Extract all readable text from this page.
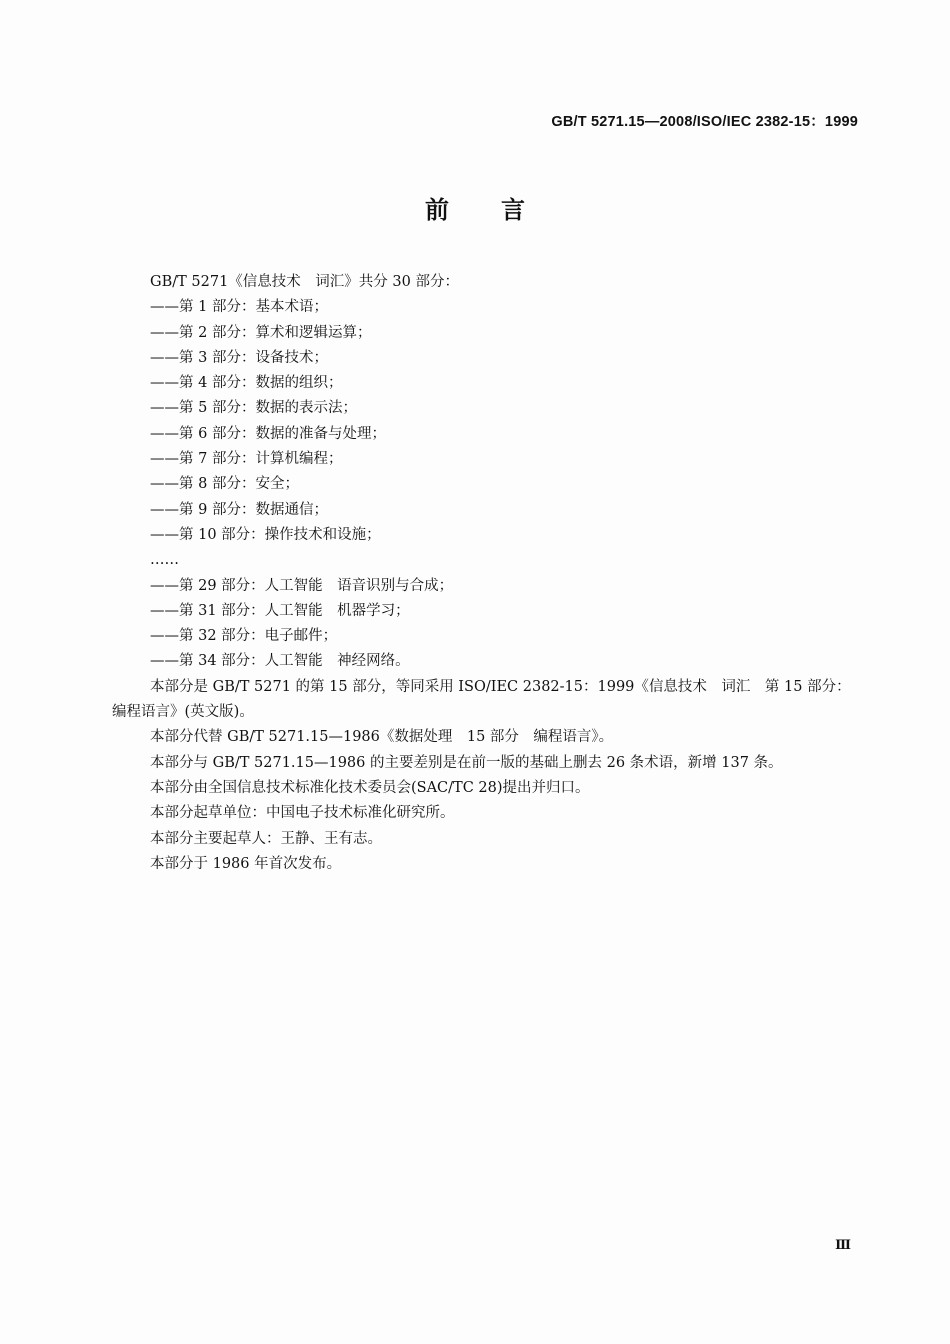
GB/T 5271.15—2008/ISO/IEC 2382-15：1999
前言

GB/T 5271《信息技术　词汇》共分 30 部分：

——第 1 部分：基本术语；

——第 2 部分：算术和逻辑运算；

——第 3 部分：设备技术；

——第 4 部分：数据的组织；

——第 5 部分：数据的表示法；

——第 6 部分：数据的准备与处理；

——第 7 部分：计算机编程；

——第 8 部分：安全；

——第 9 部分：数据通信；

——第 10 部分：操作技术和设施；

……

——第 29 部分：人工智能　语音识别与合成；

——第 31 部分：人工智能　机器学习；

——第 32 部分：电子邮件；

——第 34 部分：人工智能　神经网络。

本部分是 GB/T 5271 的第 15 部分，等同采用 ISO/IEC 2382-15：1999《信息技术　词汇　第 15 部分：编程语言》(英文版)。

本部分代替 GB/T 5271.15—1986《数据处理　15 部分　编程语言》。

本部分与 GB/T 5271.15—1986 的主要差别是在前一版的基础上删去 26 条术语，新增 137 条。

本部分由全国信息技术标准化技术委员会(SAC/TC 28)提出并归口。

本部分起草单位：中国电子技术标准化研究所。

本部分主要起草人：王静、王有志。

本部分于 1986 年首次发布。

Ⅲ
